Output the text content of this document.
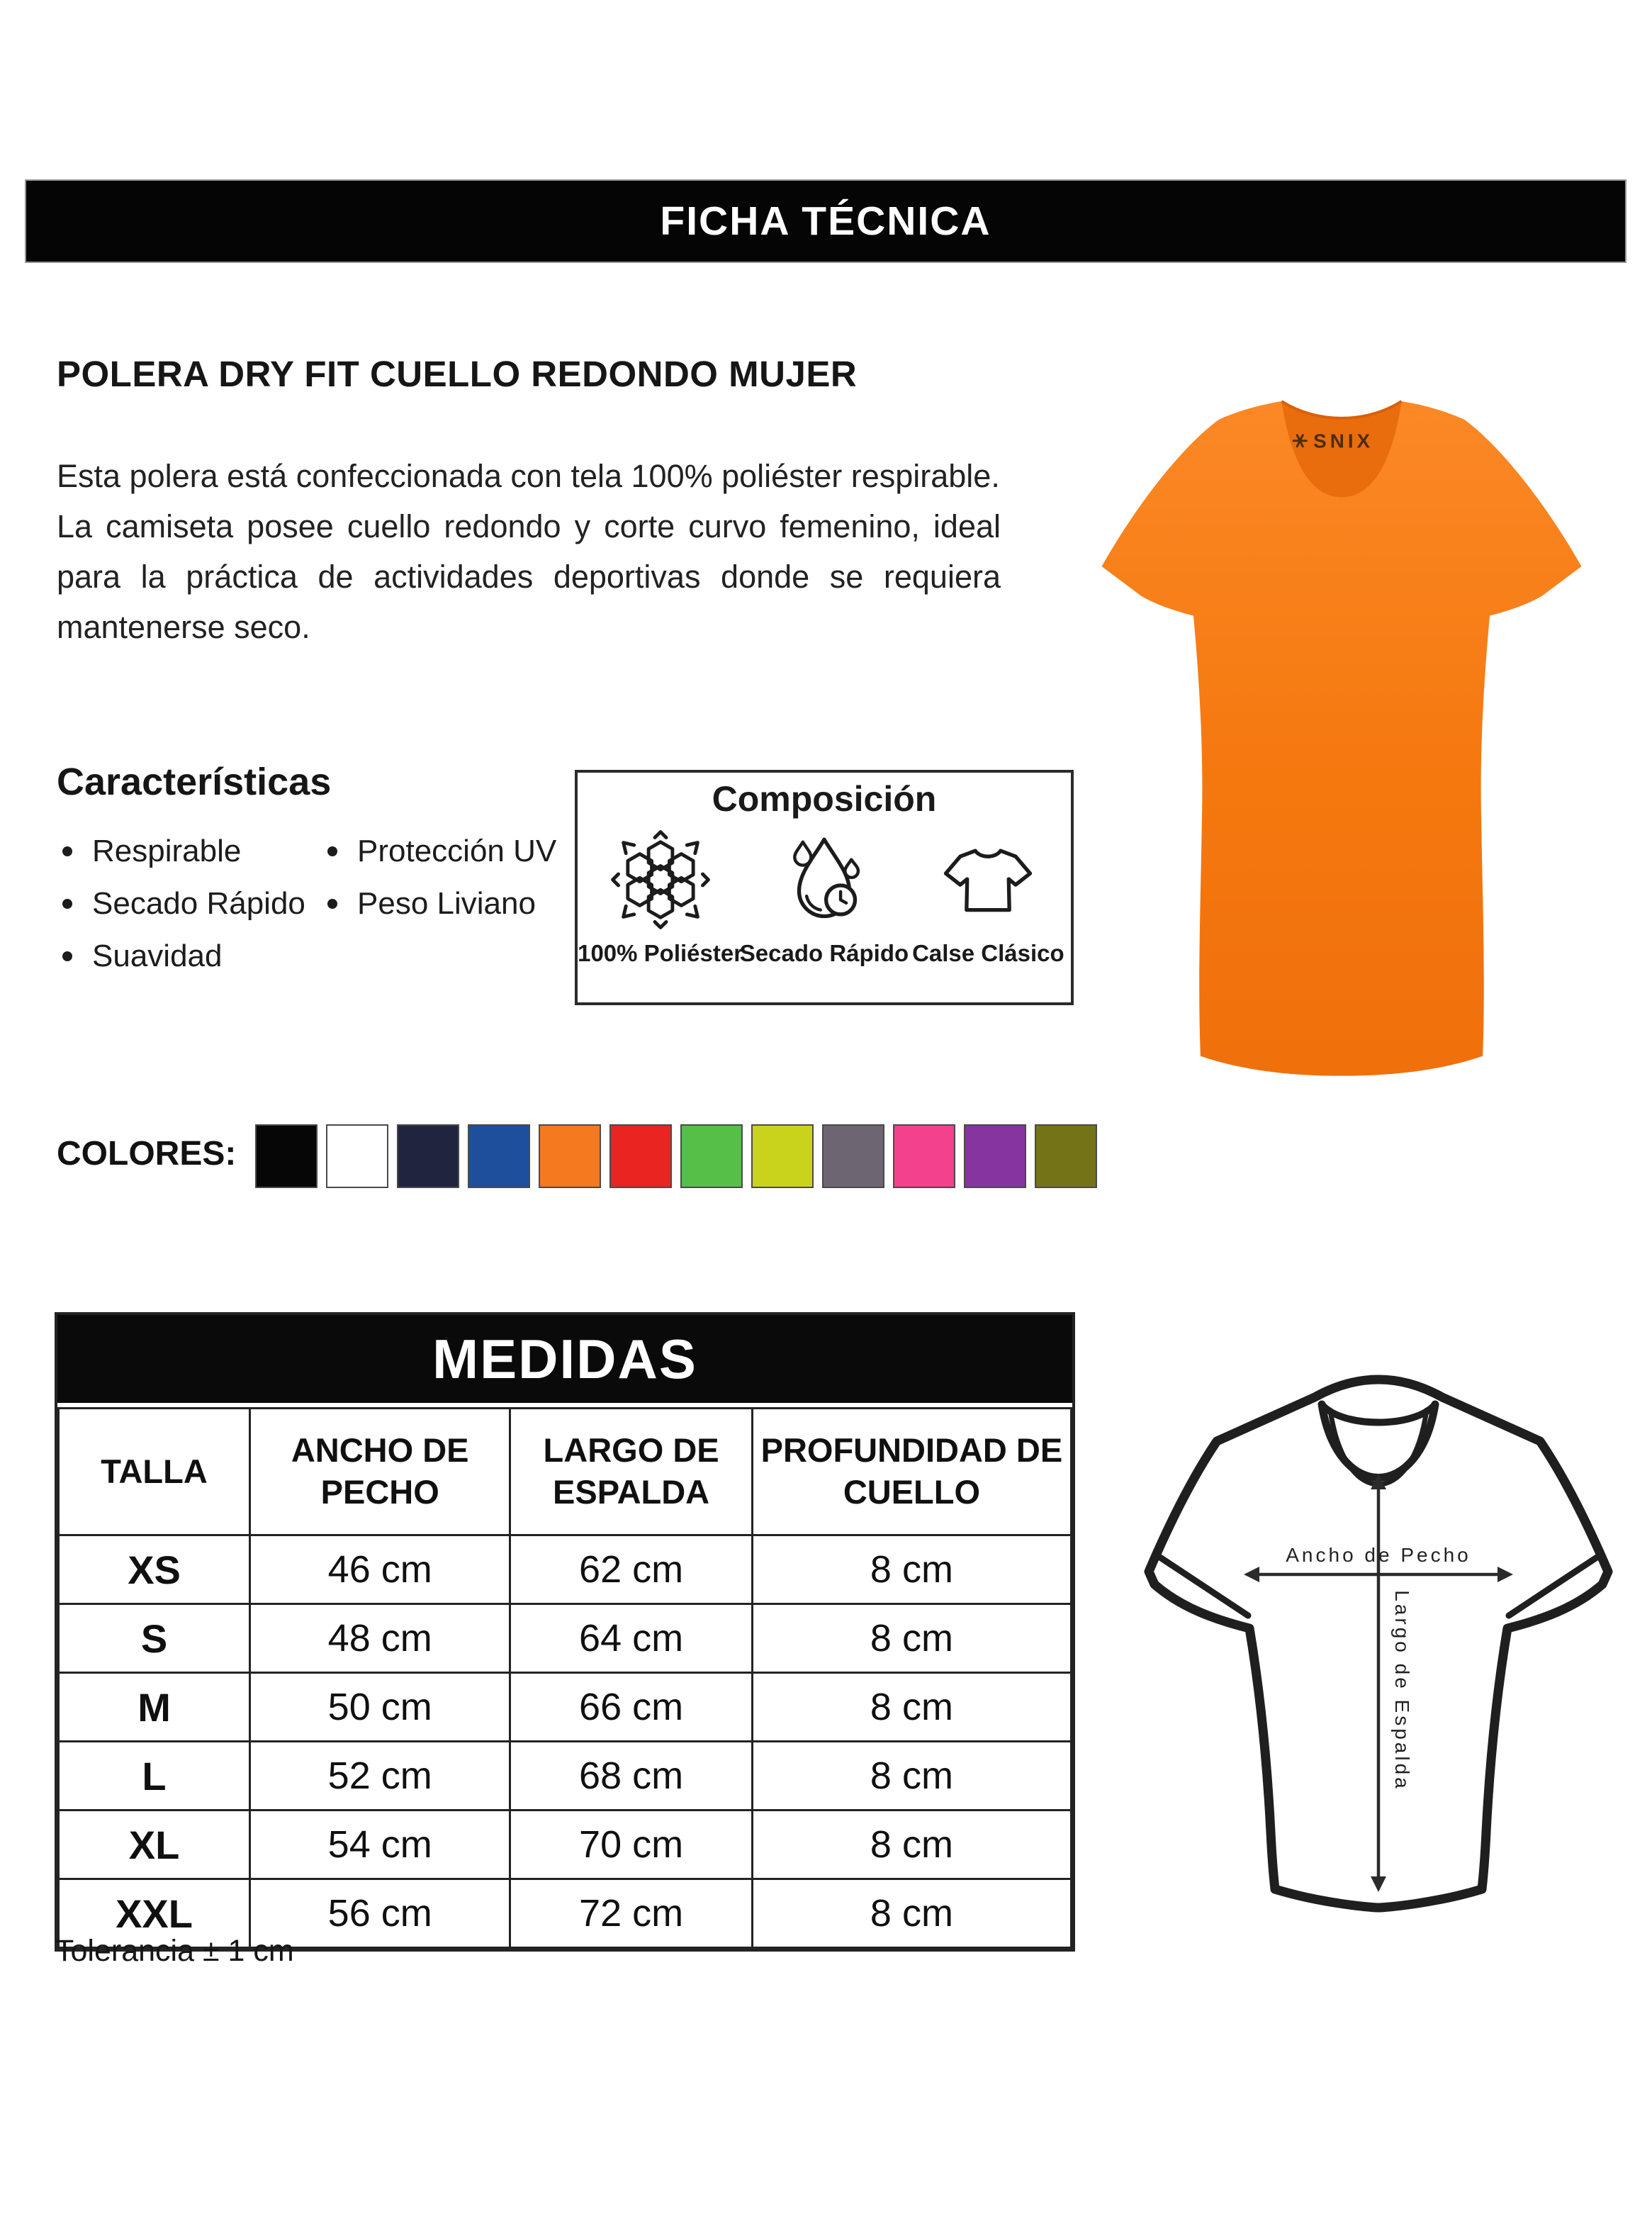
FICHA TÉCNICA
POLERA DRY FIT CUELLO REDONDO MUJER

Esta polera está confeccionada con tela 100% poliéster respirable.

La camiseta posee cuello redondo y corte curvo femenino, ideal para la práctica de actividades deportivas donde se requiera mantenerse seco.

Características
Respirable
Secado Rápido
Suavidad
Protección UV
Peso Liviano
Composición
100% Poliéster
Secado Rápido Calse Clásico
SNIX
COLORES:
MEDIDAS
TALLA	ANCHO DE PECHO	LARGO DE ESPALDA	PROFUNDIDAD DE CUELLO
XS	46 cm	62 cm	8 cm
S	48 cm	64 cm	8 cm
M	50 cm	66 cm	8 cm
L	52 cm	68 cm	8 cm
XL	54 cm	70 cm	8 cm
XXL	56 cm	72 cm	8 cm
Tolerancia ± 1 cm
Ancho de Pecho
Largo de Espalda
